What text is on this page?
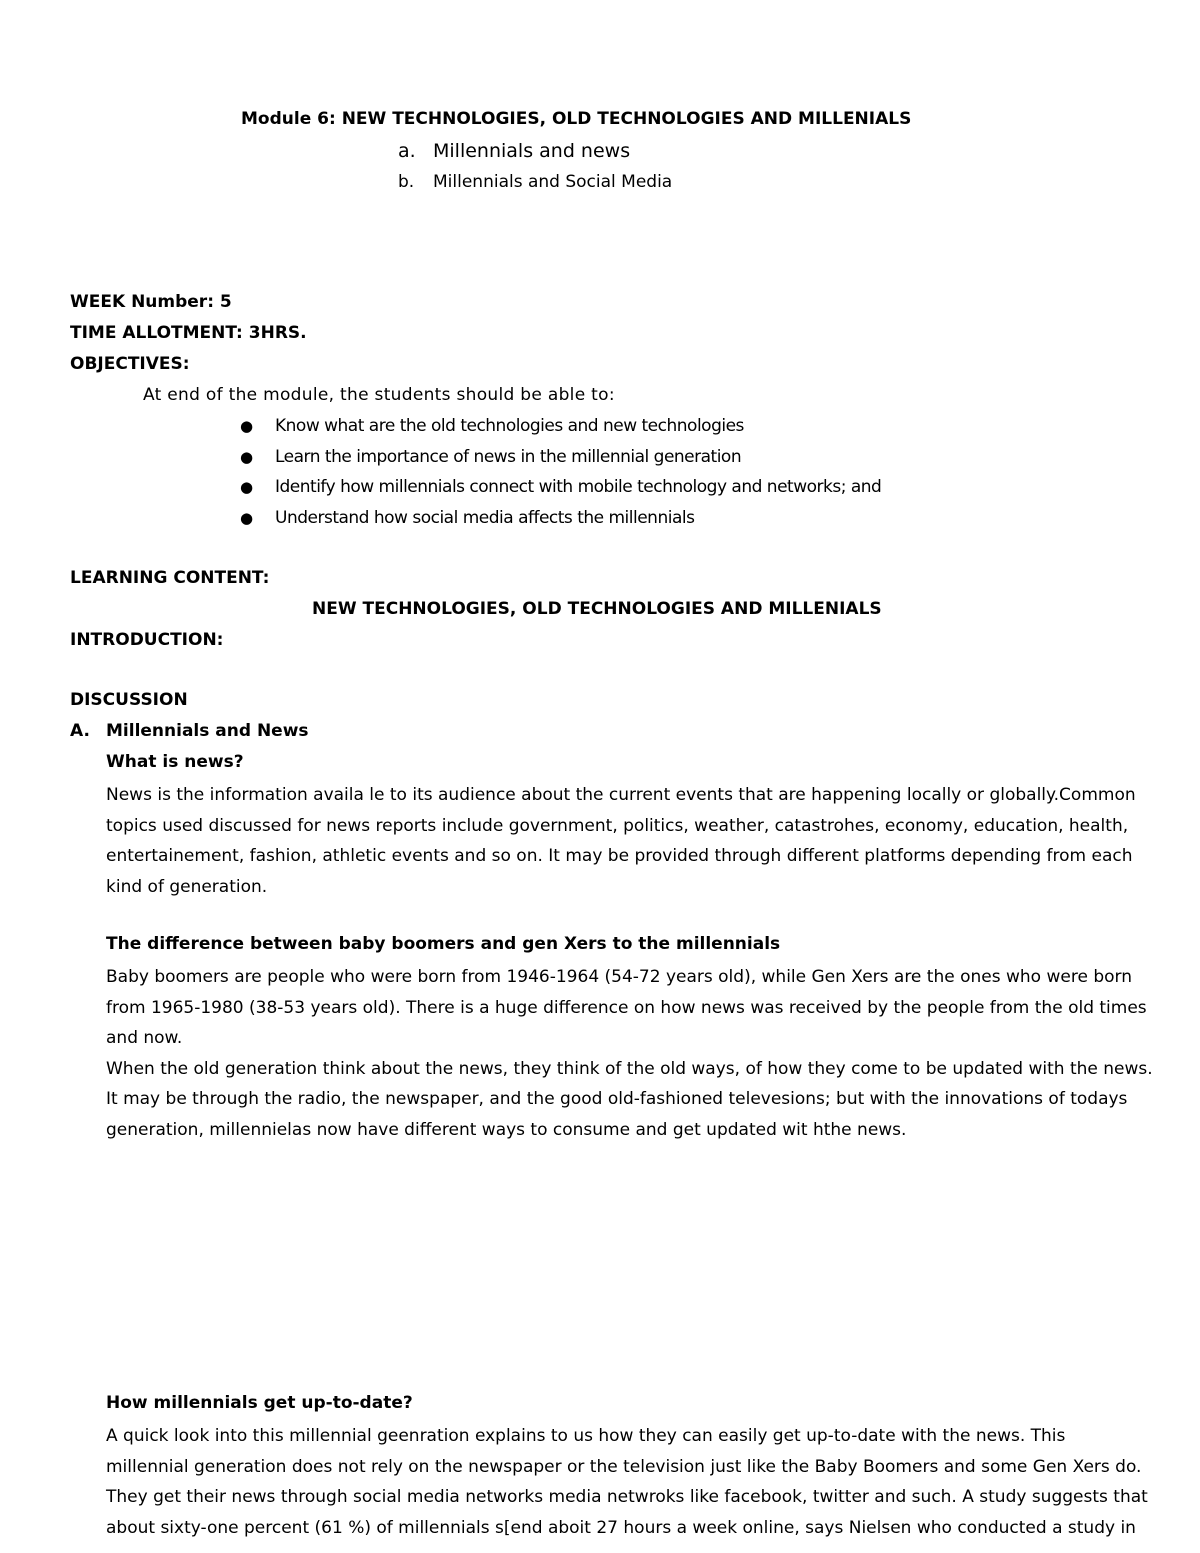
Module 6: NEW TECHNOLOGIES, OLD TECHNOLOGIES AND MILLENIALS
a. Millennials and news
b. Millennials and Social Media
WEEK Number: 5
TIME ALLOTMENT: 3HRS.
OBJECTIVES:
At end of the module, the students should be able to:
● Know what are the old technologies and new technologies
● Learn the importance of news in the millennial generation
● Identify how millennials connect with mobile technology and networks; and
● Understand how social media affects the millennials
LEARNING CONTENT:
NEW TECHNOLOGIES, OLD TECHNOLOGIES AND MILLENIALS
INTRODUCTION:
DISCUSSION
A. Millennials and News
What is news?
News is the information availa le to its audience about the current events that are happening locally or globally.Common
topics used discussed for news reports include government, politics, weather, catastrohes, economy, education, health,
entertainement, fashion, athletic events and so on. It may be provided through different platforms depending from each
kind of generation.
The difference between baby boomers and gen Xers to the millennials
Baby boomers are people who were born from 1946-1964 (54-72 years old), while Gen Xers are the ones who were born
from 1965-1980 (38-53 years old). There is a huge difference on how news was received by the people from the old times
and now.
When the old generation think about the news, they think of the old ways, of how they come to be updated with the news.
It may be through the radio, the newspaper, and the good old-fashioned televesions; but with the innovations of todays
generation, millennielas now have different ways to consume and get updated wit hthe news.
How millennials get up-to-date?
A quick look into this millennial geenration explains to us how they can easily get up-to-date with the news. This
millennial generation does not rely on the newspaper or the television just like the Baby Boomers and some Gen Xers do.
They get their news through social media networks media netwroks like facebook, twitter and such. A study suggests that
about sixty-one percent (61 %) of millennials s[end aboit 27 hours a week online, says Nielsen who conducted a study in
